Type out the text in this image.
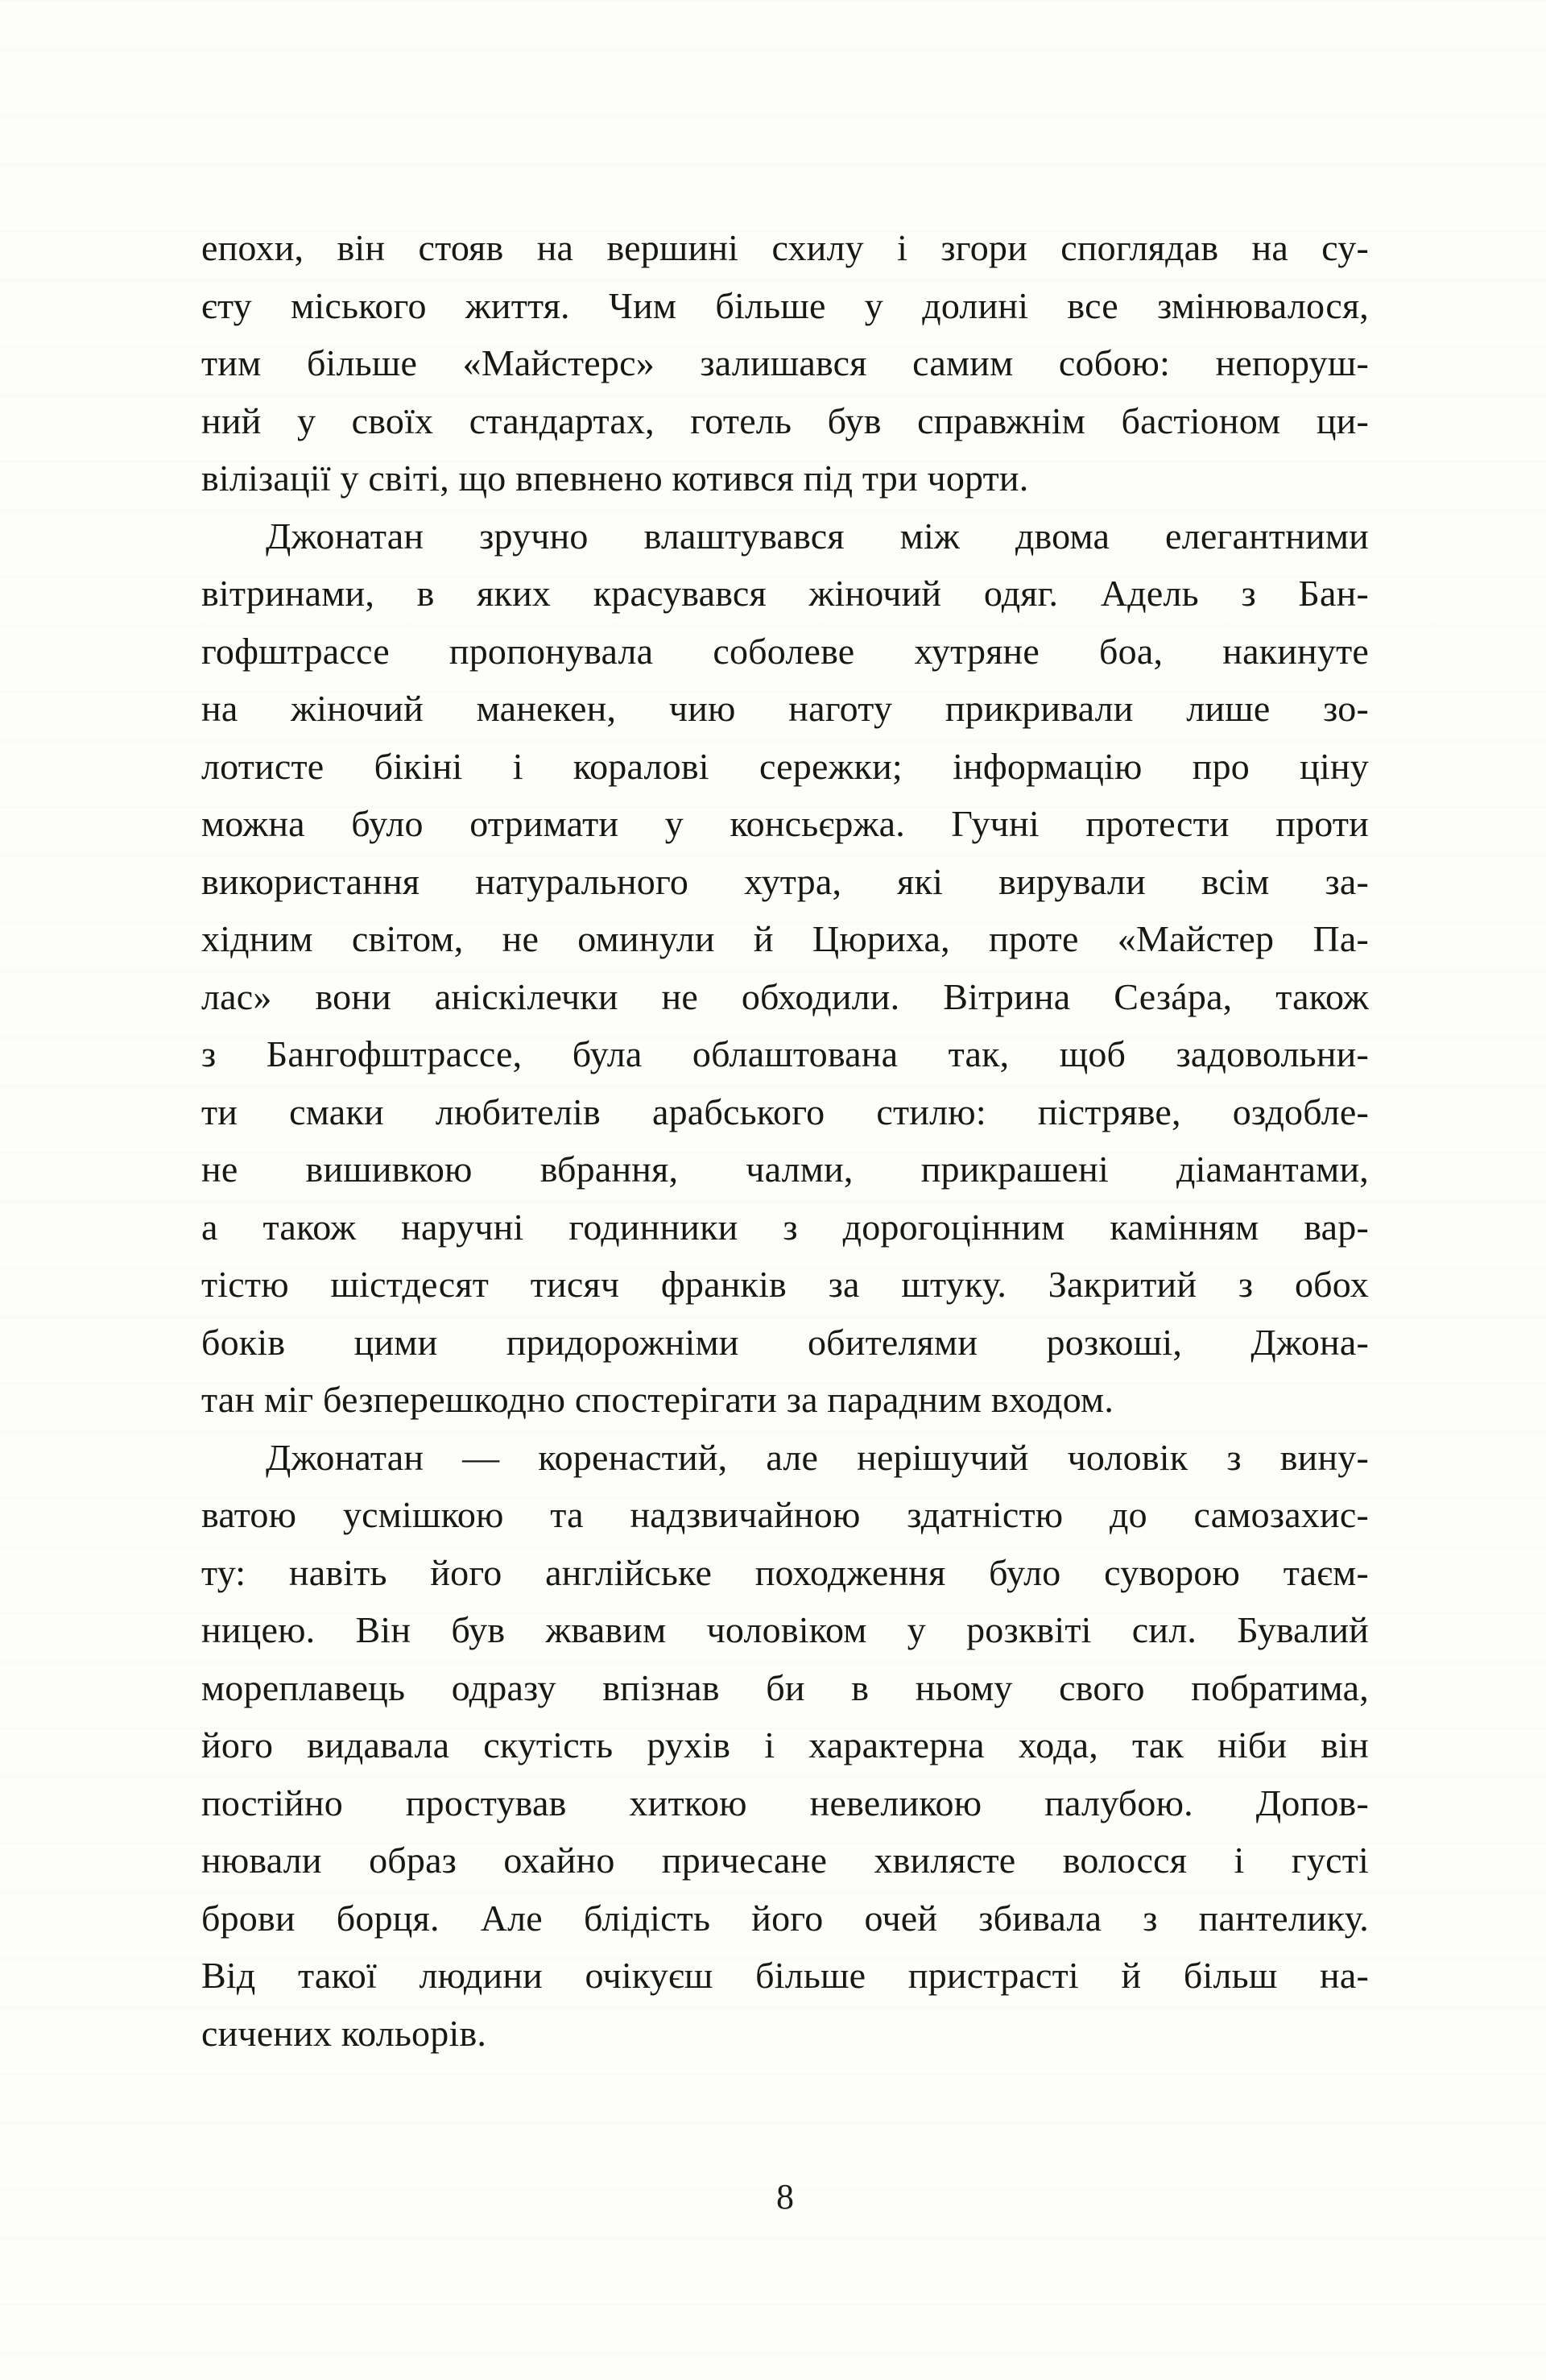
епохи, він стояв на вершині схилу і згори споглядав на су-
єту міського життя. Чим більше у долині все змінювалося,
тим більше «Майстерс» залишався самим собою: непоруш-
ний у своїх стандартах, готель був справжнім бастіоном ци-
вілізації у світі, що впевнено котився під три чорти.
Джонатан зручно влаштувався між двома елегантними
вітринами, в яких красувався жіночий одяг. Адель з Бан-
гофштрассе пропонувала соболеве хутряне боа, накинуте
на жіночий манекен, чию наготу прикривали лише зо-
лотисте бікіні і коралові сережки; інформацію про ціну
можна було отримати у консьєржа. Гучні протести проти
використання натурального хутра, які вирували всім за-
хідним світом, не оминули й Цюриха, проте «Майстер Па-
лас» вони аніскілечки не обходили. Вітрина Сезáра, також
з Бангофштрассе, була облаштована так, щоб задовольни-
ти смаки любителів арабського стилю: пістряве, оздобле-
не вишивкою вбрання, чалми, прикрашені діамантами,
а також наручні годинники з дорогоцінним камінням вар-
тістю шістдесят тисяч франків за штуку. Закритий з обох
боків цими придорожніми обителями розкоші, Джона-
тан міг безперешкодно спостерігати за парадним входом.
Джонатан — коренастий, але нерішучий чоловік з вину-
ватою усмішкою та надзвичайною здатністю до самозахис-
ту: навіть його англійське походження було суворою таєм-
ницею. Він був жвавим чоловіком у розквіті сил. Бувалий
мореплавець одразу впізнав би в ньому свого побратима,
його видавала скутість рухів і характерна хода, так ніби він
постійно простував хиткою невеликою палубою. Допов-
нювали образ охайно причесане хвилясте волосся і густі
брови борця. Але блідість його очей збивала з пантелику.
Від такої людини очікуєш більше пристрасті й більш на-
сичених кольорів.
8
